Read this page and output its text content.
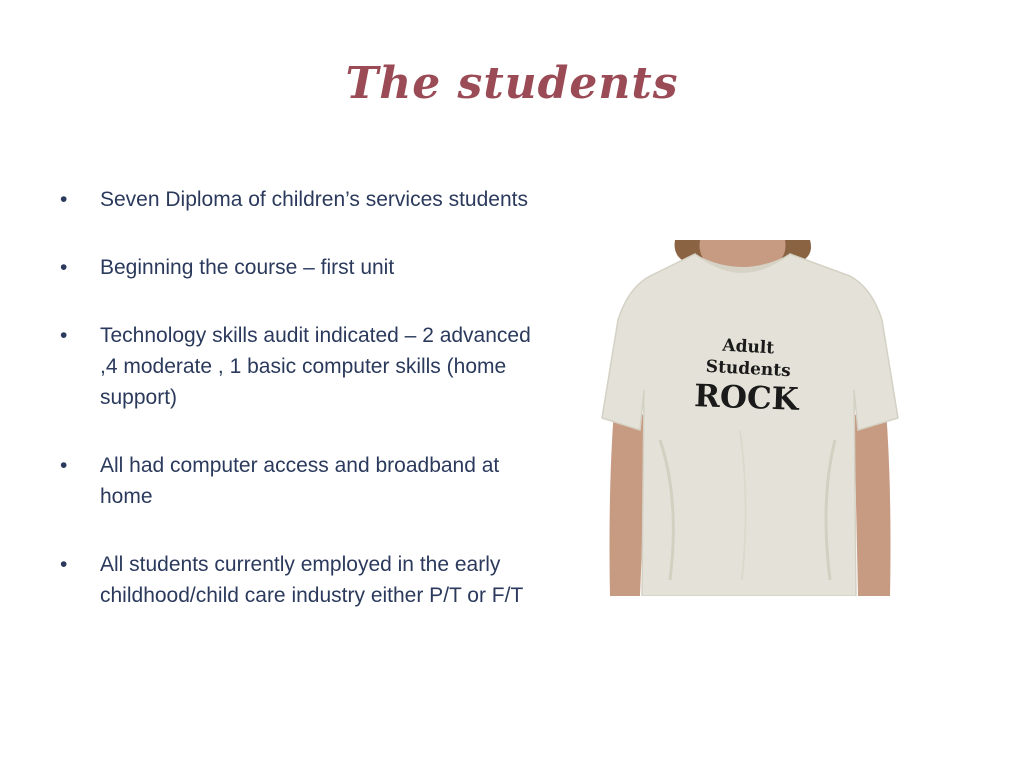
The students
• Seven Diploma of children’s services students
• Beginning the course – first unit
• Technology skills audit indicated – 2 advanced ,4 moderate , 1 basic computer skills (home support)
• All had computer access and broadband at home
• All students currently employed in the early childhood/child care industry either P/T or F/T
Adult
Students
ROCK
